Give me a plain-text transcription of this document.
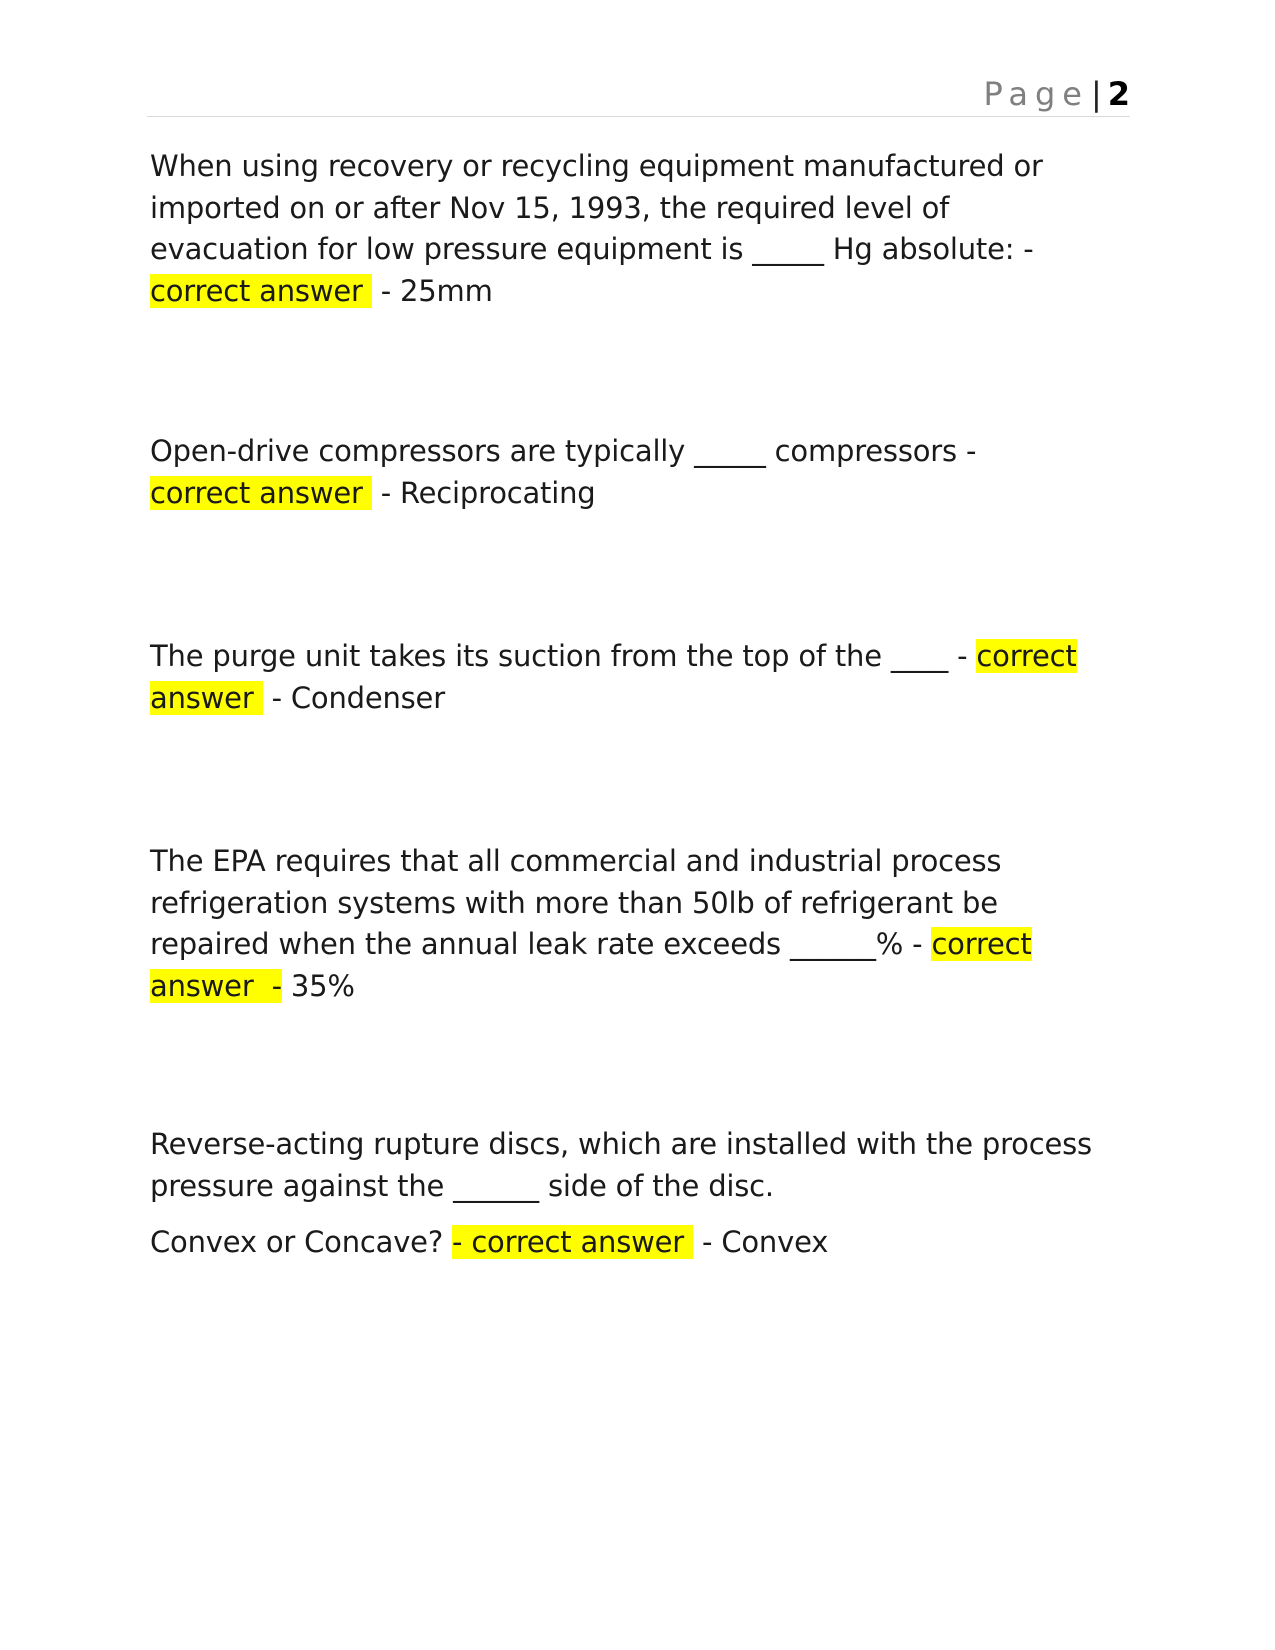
Page| 2
When using recovery or recycling equipment manufactured or
imported on or after Nov 15, 1993, the required level of
evacuation for low pressure equipment is _____ Hg absolute: -
correct answer - 25mm
Open-drive compressors are typically _____ compressors -
correct answer - Reciprocating
The purge unit takes its suction from the top of the ____ - correct
answer - Condenser
The EPA requires that all commercial and industrial process
refrigeration systems with more than 50lb of refrigerant be
repaired when the annual leak rate exceeds ______% - correct
answer  - 35%
Reverse-acting rupture discs, which are installed with the process
pressure against the ______ side of the disc.
Convex or Concave? - correct answer - Convex
